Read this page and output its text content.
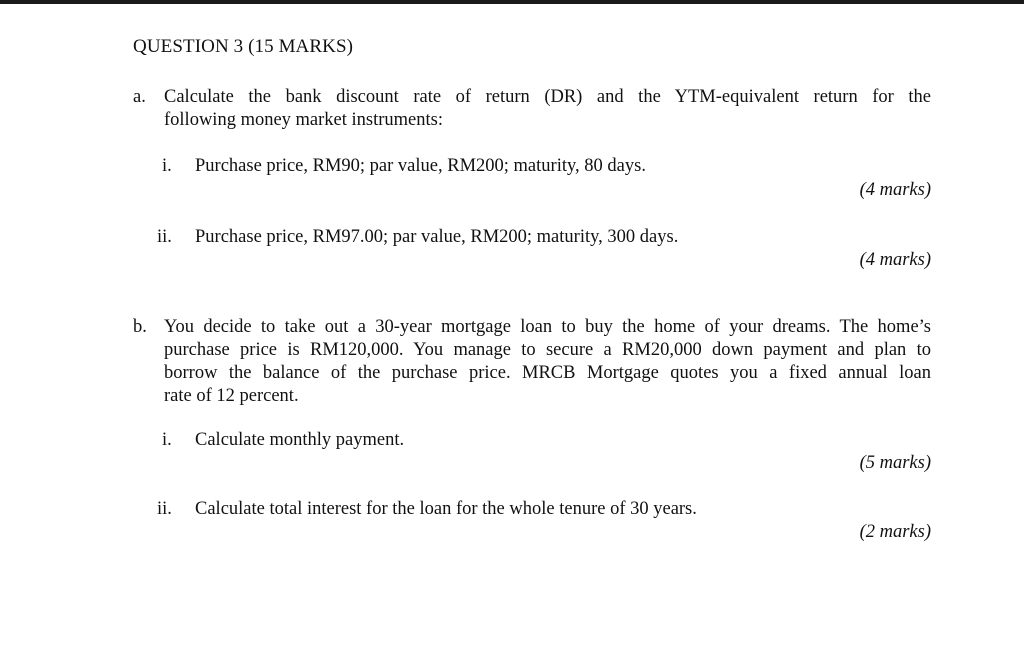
QUESTION 3 (15 MARKS)
a. Calculate the bank discount rate of return (DR) and the YTM-equivalent return for the
following money market instruments:
i. Purchase price, RM90; par value, RM200; maturity, 80 days.
(4 marks)
ii. Purchase price, RM97.00; par value, RM200; maturity, 300 days.
(4 marks)
b. You decide to take out a 30-year mortgage loan to buy the home of your dreams. The home’s
purchase price is RM120,000. You manage to secure a RM20,000 down payment and plan to
borrow the balance of the purchase price. MRCB Mortgage quotes you a fixed annual loan
rate of 12 percent.
i. Calculate monthly payment.
(5 marks)
ii. Calculate total interest for the loan for the whole tenure of 30 years.
(2 marks)
